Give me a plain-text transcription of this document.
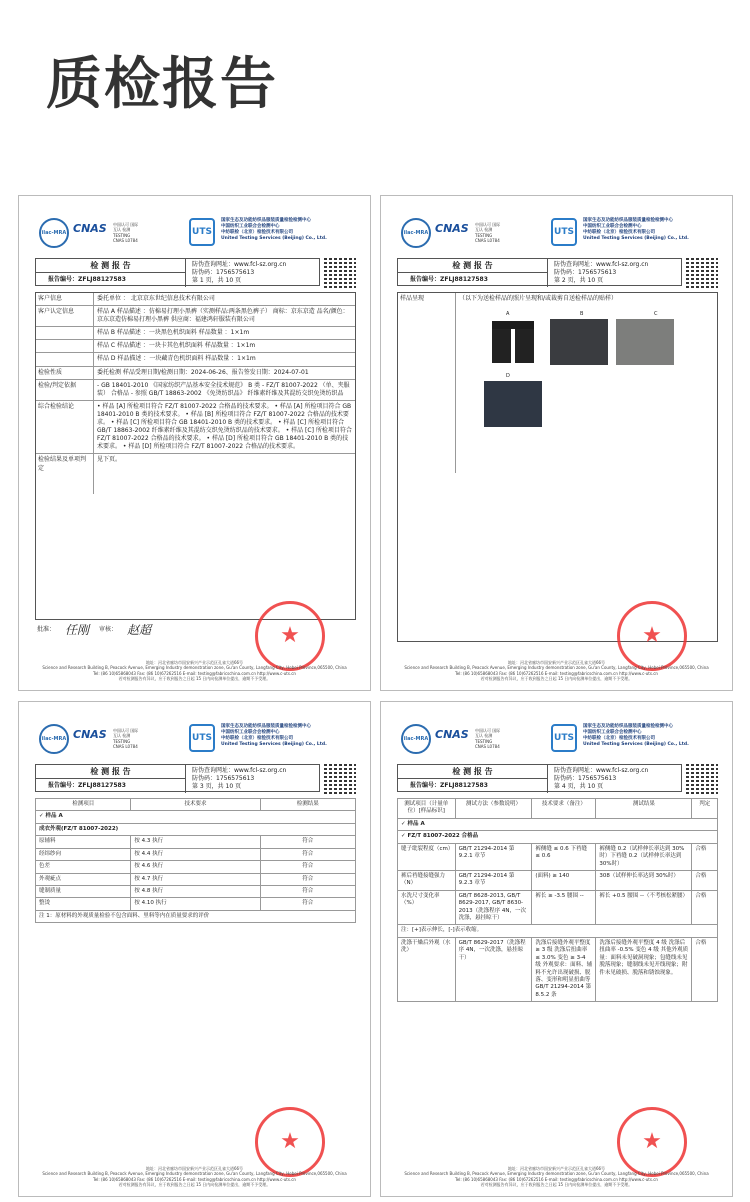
质检报告
ilac-MRA CNAS	中国认可 国际互认 检测 TESTING CNAS L0784
UTS
国家生态及功能纺织品服装质量检验检测中心
中国纺织工业联合会检测中心
中纺联检（北京）检验技术有限公司
United Testing Services (Beijing) Co., Ltd.
检 测 报 告
报告编号：ZFLJ88127583
防伪查询网址：www.fcl-sz.org.cn
防伪码：1756575613
第 1 页，共 10 页
客户信息	委托单位 ： 北京京东世纪信息技术有限公司
客户认定信息	样品 A 样品描述 ：仿棉易打理小黑裤（实测样品:两条黑色裤子） 商标：京东京造 品名/颜色：京东京造仿棉易打理小黑裤 供应商：福建鸿轩服装有限公司
样品 B 样品描述 ：一块黑色机织面料 样品数量 ：1×1m
样品 C 样品描述 ：一块卡其色机织面料 样品数量 ：1×1m
样品 D 样品描述 ：一块藏青色机织面料 样品数量 ：1×1m
检验性质	委托检测 样品受理日期/检测日期：2024-06-26、报告签发日期：2024-07-01
检验/判定依据	- GB 18401-2010 《国家纺织产品基本安全技术规范》 B 类 - FZ/T 81007-2022 （单、夹服装） 合格品 - 参照 GB/T 18863-2002 《免烫纺织品》 纤维素纤维及其混纺交织免烫纺织品
综合检验结论	• 样品 [A] 所检项目符合 FZ/T 81007-2022 合格品的技术要求。 • 样品 [A] 所检项目符合 GB 18401-2010 B 类的技术要求。 • 样品 [B] 所检项目符合 FZ/T 81007-2022 合格品的技术要求。 • 样品 [C] 所检项目符合 GB 18401-2010 B 类的技术要求。 • 样品 [C] 所检项目符合 GB/T 18863-2002 纤维素纤维及其混纺交织免烫纺织品的技术要求。 • 样品 [C] 所检项目符合 FZ/T 81007-2022 合格品的技术要求。 • 样品 [D] 所检项目符合 GB 18401-2010 B 类的技术要求。 • 样品 [D] 所检项目符合 FZ/T 81007-2022 合格品的技术要求。
检验结果及单项判定
见下页。
批准： 任刚 审核： 赵超	★
地址：河北省廊坊市国安新兴产业示范区孔雀大道66号
Science and Research Building B, Peacock Avenue, Emerging Industry demonstration zone, Gu'an County, Langfang City, Hebei Province,065500, China
Tel: (86 10)65868043 Fax: (86 10)67262516 E-mail: testing@fabricschina.com.cn http://www.c-uts.cn
若对检测报告有异议，应于收到报告之日起 15 日内向检测单位提出，逾期不予受理。
ilac-MRA CNAS	中国认可 国际互认 检测 TESTING CNAS L0784
UTS
国家生态及功能纺织品服装质量检验检测中心
中国纺织工业联合会检测中心
中纺联检（北京）检验技术有限公司
United Testing Services (Beijing) Co., Ltd.
检 测 报 告
报告编号：ZFLJ88127583
防伪查询网址：www.fcl-sz.org.cn
防伪码：1756575613
第 2 页，共 10 页
样品呈现	（以下为送检样品的照片呈现和/或裁剪自送检样品的贴样）
A	B	C
D
★
地址：河北省廊坊市国安新兴产业示范区孔雀大道66号
Science and Research Building B, Peacock Avenue, Emerging Industry demonstration zone, Gu'an County, Langfang City, Hebei Province,065500, China
Tel: (86 10)65868043 Fax: (86 10)67262516 E-mail: testing@fabricschina.com.cn http://www.c-uts.cn
若对检测报告有异议，应于收到报告之日起 15 日内向检测单位提出，逾期不予受理。
ilac-MRA CNAS	中国认可 国际互认 检测 TESTING CNAS L0784
UTS
国家生态及功能纺织品服装质量检验检测中心
中国纺织工业联合会检测中心
中纺联检（北京）检验技术有限公司
United Testing Services (Beijing) Co., Ltd.
检 测 报 告
报告编号：ZFLJ88127583
防伪查询网址：www.fcl-sz.org.cn
防伪码：1756575613
第 3 页，共 10 页
检测项目	技术要求	检测结果
✓ 样品 A		
成衣外观(FZ/T 81007-2022)		
原辅料	按 4.3 执行	符合
经纬纱向	按 4.4 执行	符合
色差	按 4.6 执行	符合
外观疵点	按 4.7 执行	符合
缝制质量	按 4.8 执行	符合
整烫	按 4.10 执行	符合
注 1：原材料的外观质量检验不包含面料、里料等内在质量要求的评价		
★
地址：河北省廊坊市国安新兴产业示范区孔雀大道66号
Science and Research Building B, Peacock Avenue, Emerging Industry demonstration zone, Gu'an County, Langfang City, Hebei Province,065500, China
Tel: (86 10)65868043 Fax: (86 10)67262516 E-mail: testing@fabricschina.com.cn http://www.c-uts.cn
若对检测报告有异议，应于收到报告之日起 15 日内向检测单位提出，逾期不予受理。
ilac-MRA CNAS	中国认可 国际互认 检测 TESTING CNAS L0784
UTS
国家生态及功能纺织品服装质量检验检测中心
中国纺织工业联合会检测中心
中纺联检（北京）检验技术有限公司
United Testing Services (Beijing) Co., Ltd.
检 测 报 告
报告编号：ZFLJ88127583
防伪查询网址：www.fcl-sz.org.cn
防伪码：1756575613
第 4 页，共 10 页
测试项目（计量单位）[样品标识]	测试方法（参数说明）	技术要求（备注）	测试结果	判定
✓ 样品 A				
✓ FZ/T 81007-2022 合格品				
缝子纰裂程度（cm）	GB/T 21294-2014 第 9.2.1 章节	裤侧缝 ≤ 0.6 下裆缝 ≤ 0.6	裤侧缝 0.2（试样伸长率达到 30%时）下裆缝 0.2（试样伸长率达到 30%时）	合格
裤后裆缝接缝强力（N）	GB/T 21294-2014 第 9.2.3 章节	(面料) ≥ 140	308（试样伸长率达到 30%时）	合格
水洗尺寸变化率（%）	GB/T 8628-2013, GB/T 8629-2017, GB/T 8630-2013（洗涤程序 4N，一次洗涤，悬挂晾干）	裤长 ≥ -3.5 腰围 --	裤长 +0.5 腰围 --（不考核松紧腰）	合格
注：[+]表示伸长，[-]表示收缩。				
洗涤干燥后外观（水洗）	GB/T 8629-2017（洗涤程序 4N，一次洗涤，悬挂晾干）	洗涤后接缝外观平整度 ≥ 3 级 洗涤后扭曲率 ≤ 3.0% 变色 ≥ 3-4 级 外观要求：面料、辅料不允许出现破损、脱落、变形和明显扭曲等 GB/T 21294-2014 第 8.5.2 条	洗涤后接缝外观平整度 4 级 洗涤后扭曲率 -0.5% 变色 4 级 其他外观质量：面料未见破洞现象；包缝线未见脱落现象；缝制线未见开线现象；附件未见破损、脱落和锈蚀现象。	合格
★
地址：河北省廊坊市国安新兴产业示范区孔雀大道66号
Science and Research Building B, Peacock Avenue, Emerging Industry demonstration zone, Gu'an County, Langfang City, Hebei Province,065500, China
Tel: (86 10)65868043 Fax: (86 10)67262516 E-mail: testing@fabricschina.com.cn http://www.c-uts.cn
若对检测报告有异议，应于收到报告之日起 15 日内向检测单位提出，逾期不予受理。
